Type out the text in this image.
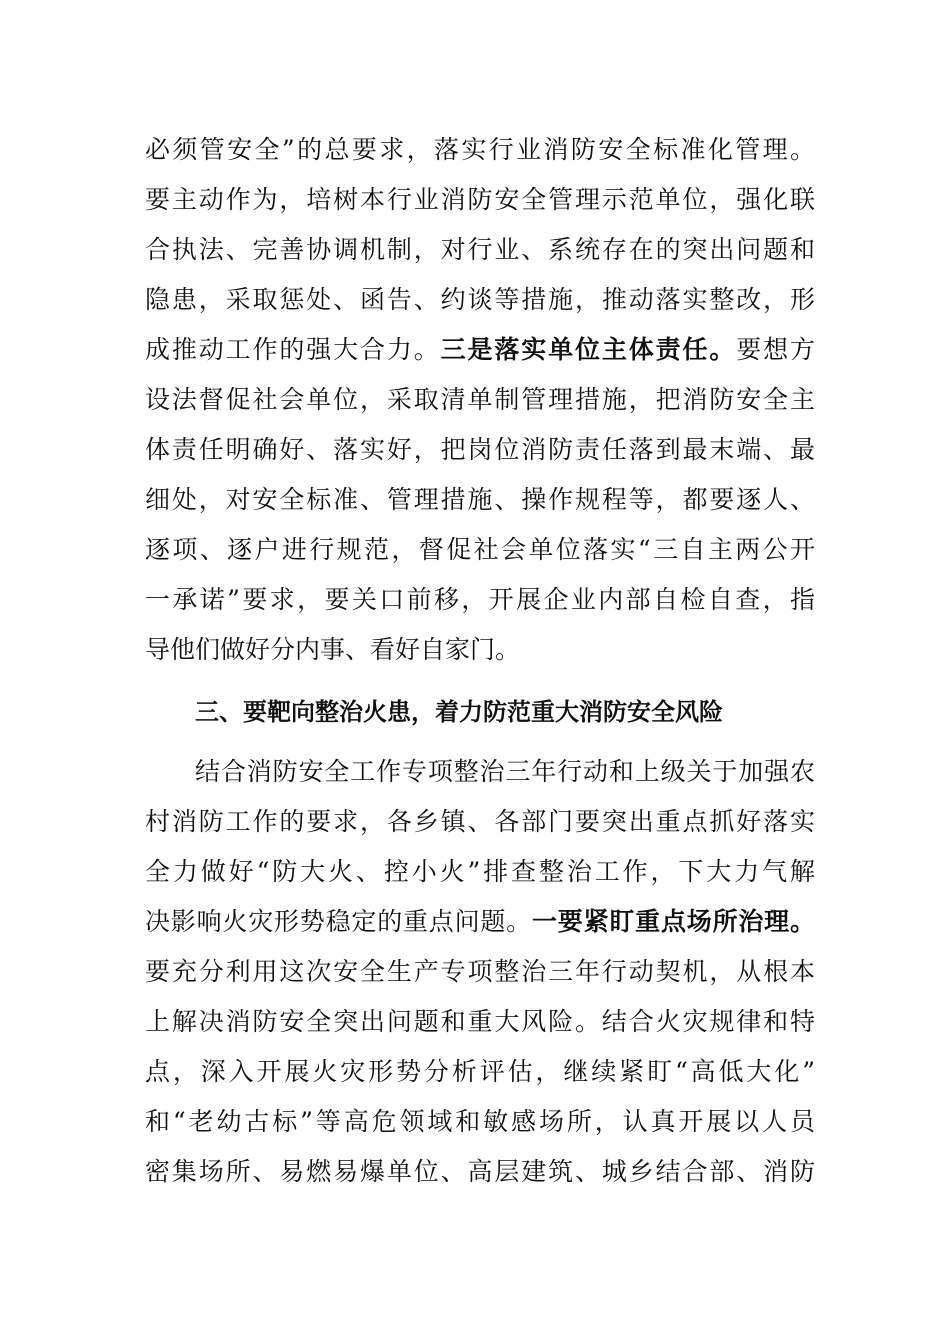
必须管安全”的总要求，落实行业消防安全标准化管理。
要主动作为，培树本行业消防安全管理示范单位，强化联
合执法、完善协调机制，对行业、系统存在的突出问题和
隐患，采取惩处、函告、约谈等措施，推动落实整改，形
成推动工作的强大合力。三是落实单位主体责任。要想方
设法督促社会单位，采取清单制管理措施，把消防安全主
体责任明确好、落实好，把岗位消防责任落到最末端、最
细处，对安全标准、管理措施、操作规程等，都要逐人、
逐项、逐户进行规范，督促社会单位落实“三自主两公开
一承诺”要求，要关口前移，开展企业内部自检自查，指
导他们做好分内事、看好自家门。
三、要靶向整治火患，着力防范重大消防安全风险
结合消防安全工作专项整治三年行动和上级关于加强农
村消防工作的要求，各乡镇、各部门要突出重点抓好落实
全力做好“防大火、控小火”排查整治工作，下大力气解
决影响火灾形势稳定的重点问题。一要紧盯重点场所治理。
要充分利用这次安全生产专项整治三年行动契机，从根本
上解决消防安全突出问题和重大风险。结合火灾规律和特
点，深入开展火灾形势分析评估，继续紧盯“高低大化”
和“老幼古标”等高危领域和敏感场所，认真开展以人员
密集场所、易燃易爆单位、高层建筑、城乡结合部、消防
